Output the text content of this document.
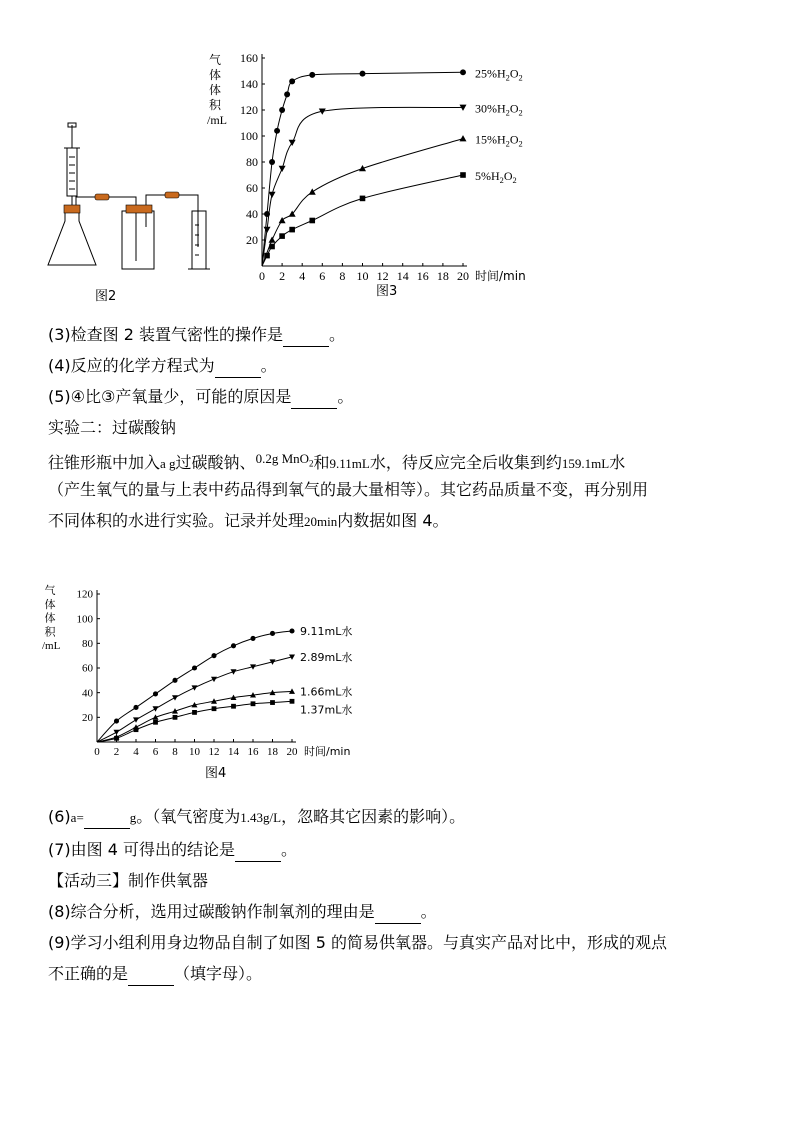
图2
0 2 4 6 8 10 12 14 16 18 20
20
40
60
80
100
120
140
160
气
体
体
积
/mL
时间/min
$25\%H_2O_2$
$30\%H_2O_2$
$15\%H_2O_2$
$5\%H_2O_2$
图3
(3)检查图 2 装置气密性的操作是	。
(4)反应的化学方程式为	。
(5)④比③产氧量少，可能的原因是	。
实验二：过碳酸钠
往锥形瓶中加入a g过碳酸钠、$^{0.2g MnO_2}$和9.11mL水，待反应完全后收集到约159.1mL水
（产生氧气的量与上表中药品得到氧气的最大量相等）。其它药品质量不变，再分别用
不同体积的水进行实验。记录并处理20min内数据如图 4。
0 2 4 6 8 10 12 14 16 18 20
20
40
60
80
100
120
气
体
体
积
/mL
时间/min
9.11mL水
2.89mL水
1.66mL水
1.37mL水
图4
(6)a=	g。（氧气密度为1.43g/L，忽略其它因素的影响）。
(7)由图 4 可得出的结论是	。
【活动三】制作供氧器
(8)综合分析，选用过碳酸钠作制氧剂的理由是	。
(9)学习小组利用身边物品自制了如图 5 的简易供氧器。与真实产品对比中，形成的观点
不正确的是	（填字母）。
